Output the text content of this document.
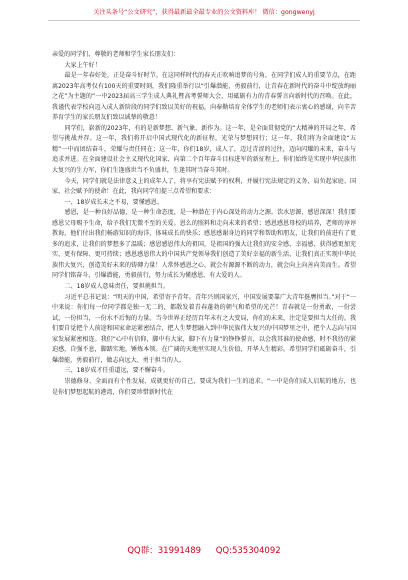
关注头条号“公文研究”，获得最新最全最专业的公文资料库！ 微信：gongwenyj

亲爱的同学们、尊敬的老师和学生家长朋友们：

大家上午好！

最是一年春好处，正是奋斗好时节。在这同样时代的春天正吹响追梦的号角，在同学们成人的重要节点，在距离2023年高考仅有100天的重要时刻，我们隆重举行以“引爆潜能，勇毅前行，让青春在新时代的奋斗中绽放绚丽之花”为主题的“一中2023届高三学生成人典礼暨高考誓师大会，用砥砺有力的青春誓言向新时代的召唤。在此，我谨代表学校向迈入成人新阶段的同学们致以美好的祝福，向奉勤培育全体学生的老师们表示衷心的感谢，向辛苦养育学生的家长朋友们致以诚挚的敬意！

同学们，崭新的2023年，有的是新梦想、新气象、新作为。这一年，是全面贯彻党的“大精神的开局之年，希望与挑战并存。这一年，我们将开启中国式现代化的新征程，光荣与梦想同行；这一年，我们将为全面建设“五精”一中而团结奋斗，荣耀与责任同在；这一年，你们18岁，成人了，迈过青涩的过往，迈向闪耀的未来，奋斗与追求并进。在全面建设社会主义现代化国家、向第二个百年奋斗目标进军的新征程上，你们始终是实现中华民族伟大复兴的生力军，你们生逢盛世当不负盛世，生逢其时当奋斗其时。

今天，同学们就是法律意义上的成年人了，将享有宪法赋予的权利，并履行宪法规定的义务，肩负起家庭、国家、社会赋予的使命！在此，我向同学们提三点希望和要求：

一、18岁成长未之不易，要懂感恩。

感恩，是一种良好品德，是一种生命态度，是一种潜在于内心深处的动力之源。饮水思源，感恩深深！我们要感恩父母赐予生命，给予我们无微不至的关爱。恩么的照料和走向未来的希望；感恩感恩母校的培养，老师的谆谆教诲，他们付出我们畅游知识的海洋，体味成长的快乐；感恩感谢身边的同学和帮助和朋友，让我们的前进有了更多的追求，让我们的梦想多了温暖；感恩感恩伟大的祖国，是祖国的强大让我们的安全感、幸福感、获得感更加充实、更有保障、更可持续；感恩感恩伟大的中国共产党领导我们创造了美好幸福的新生活，让我们真正实现中华民族伟大复兴、创造美好未来的铸磚力量！人常怀感恩之心，就会有源源不断的动力，就会向上向善向美而生。希望同学们铭奋斗，引爆潜能，勇毅前行，努力成长为懂感恩、有大爱的人。

二、18岁成人意味责任，要担挑担当。

习近平总书记说：“明天的中国，希望寄予青年。青年兴则国家兴，中国发展要靠广大青年挺膺担当。”对于“一中来说：你们每一位同学都是独一无二的，都散发着青春蓬勃的朝气和希望的光芒！青春就是一份勇敢，一份尝试，一份担当，一份水不后悔的力量。当今世界正经历百年未有之大变局，你们的未来，注定是要担当大任的。我们要自觉把个人前途和国家命运紧密结合，把人生梦想融入到中华民族伟大复兴的中国梦里之中，把个人志向与国家发展紧密相连。我们“心中有信仰，脚中有大家，脚下有力量”的铮铮誓言，以会我其谁的使命感，时不我待的紧迫感，自强不息，脚踏实地，锤炼本领。在广阔的天地里实现人生价值，开华人生精彩。希望同学们砥砺奋斗，引爆潜能，勇毅前行，做志向远大、勇于担当的人。

三、18岁成才任重道远，要不懈奋斗。

崇德修身、全面而有个性发展、成就更好的自己，要成为我们一生的追求。“一中是你们成人启航的地方，也是你们梦想起航的港湾，你们要珍惜新时代在

QQ群：31991489 QQ:535304092
